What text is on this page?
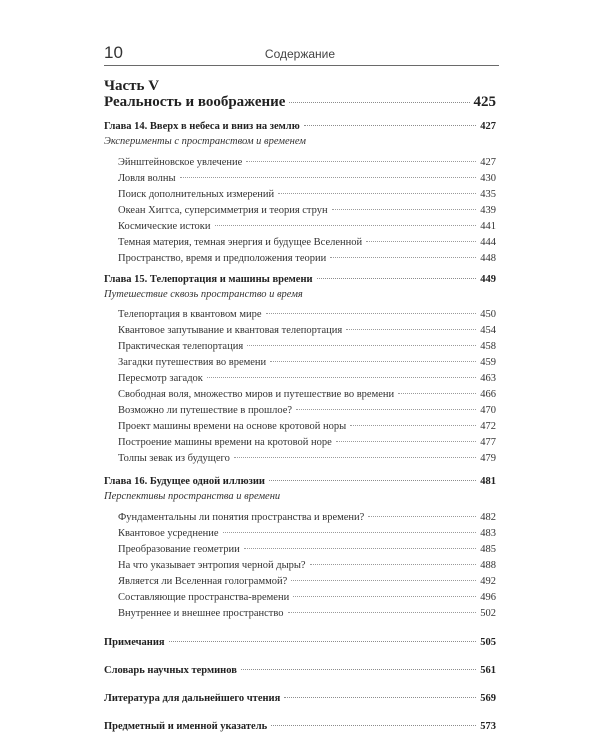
10	Содержание
Часть V
Реальность и воображение	425
Глава 14. Вверх в небеса и вниз на землю	427
Эксперименты с пространством и временем
Эйнштейновское увлечение	427
Ловля волны	430
Поиск дополнительных измерений	435
Океан Хиггса, суперсимметрия и теория струн	439
Космические истоки	441
Темная материя, темная энергия и будущее Вселенной	444
Пространство, время и предположения теории	448
Глава 15. Телепортация и машины времени	449
Путешествие сквозь пространство и время
Телепортация в квантовом мире	450
Квантовое запутывание и квантовая телепортация	454
Практическая телепортация	458
Загадки путешествия во времени	459
Пересмотр загадок	463
Свободная воля, множество миров и путешествие во времени	466
Возможно ли путешествие в прошлое?	470
Проект машины времени на основе кротовой норы	472
Построение машины времени на кротовой норе	477
Толпы зевак из будущего	479
Глава 16. Будущее одной иллюзии	481
Перспективы пространства и времени
Фундаментальны ли понятия пространства и времени?	482
Квантовое усреднение	483
Преобразование геометрии	485
На что указывает энтропия черной дыры?	488
Является ли Вселенная голограммой?	492
Составляющие пространства-времени	496
Внутреннее и внешнее пространство	502
Примечания	505
Словарь научных терминов	561
Литература для дальнейшего чтения	569
Предметный и именной указатель	573
